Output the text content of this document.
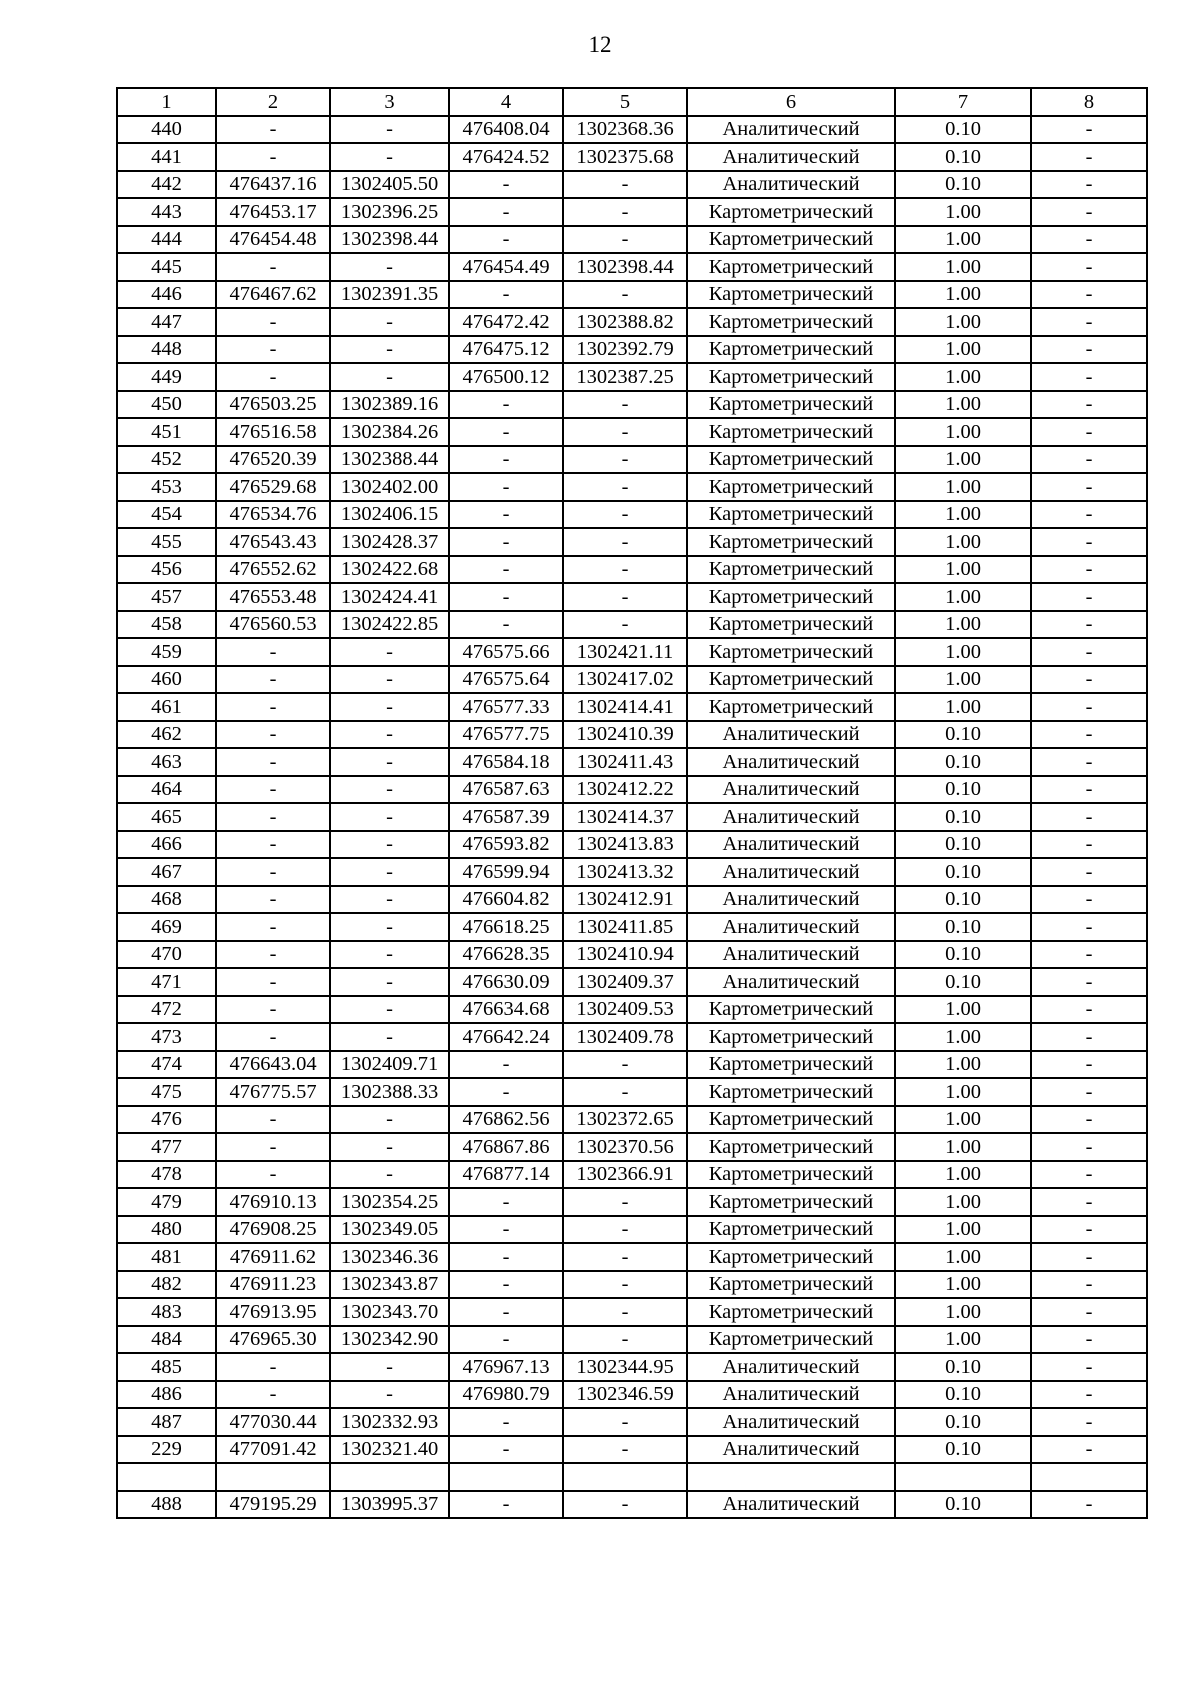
12
1	2	3	4	5	6	7	8
440	-	-	476408.04	1302368.36	Аналитический	0.10	-
441	-	-	476424.52	1302375.68	Аналитический	0.10	-
442	476437.16	1302405.50	-	-	Аналитический	0.10	-
443	476453.17	1302396.25	-	-	Картометрический	1.00	-
444	476454.48	1302398.44	-	-	Картометрический	1.00	-
445	-	-	476454.49	1302398.44	Картометрический	1.00	-
446	476467.62	1302391.35	-	-	Картометрический	1.00	-
447	-	-	476472.42	1302388.82	Картометрический	1.00	-
448	-	-	476475.12	1302392.79	Картометрический	1.00	-
449	-	-	476500.12	1302387.25	Картометрический	1.00	-
450	476503.25	1302389.16	-	-	Картометрический	1.00	-
451	476516.58	1302384.26	-	-	Картометрический	1.00	-
452	476520.39	1302388.44	-	-	Картометрический	1.00	-
453	476529.68	1302402.00	-	-	Картометрический	1.00	-
454	476534.76	1302406.15	-	-	Картометрический	1.00	-
455	476543.43	1302428.37	-	-	Картометрический	1.00	-
456	476552.62	1302422.68	-	-	Картометрический	1.00	-
457	476553.48	1302424.41	-	-	Картометрический	1.00	-
458	476560.53	1302422.85	-	-	Картометрический	1.00	-
459	-	-	476575.66	1302421.11	Картометрический	1.00	-
460	-	-	476575.64	1302417.02	Картометрический	1.00	-
461	-	-	476577.33	1302414.41	Картометрический	1.00	-
462	-	-	476577.75	1302410.39	Аналитический	0.10	-
463	-	-	476584.18	1302411.43	Аналитический	0.10	-
464	-	-	476587.63	1302412.22	Аналитический	0.10	-
465	-	-	476587.39	1302414.37	Аналитический	0.10	-
466	-	-	476593.82	1302413.83	Аналитический	0.10	-
467	-	-	476599.94	1302413.32	Аналитический	0.10	-
468	-	-	476604.82	1302412.91	Аналитический	0.10	-
469	-	-	476618.25	1302411.85	Аналитический	0.10	-
470	-	-	476628.35	1302410.94	Аналитический	0.10	-
471	-	-	476630.09	1302409.37	Аналитический	0.10	-
472	-	-	476634.68	1302409.53	Картометрический	1.00	-
473	-	-	476642.24	1302409.78	Картометрический	1.00	-
474	476643.04	1302409.71	-	-	Картометрический	1.00	-
475	476775.57	1302388.33	-	-	Картометрический	1.00	-
476	-	-	476862.56	1302372.65	Картометрический	1.00	-
477	-	-	476867.86	1302370.56	Картометрический	1.00	-
478	-	-	476877.14	1302366.91	Картометрический	1.00	-
479	476910.13	1302354.25	-	-	Картометрический	1.00	-
480	476908.25	1302349.05	-	-	Картометрический	1.00	-
481	476911.62	1302346.36	-	-	Картометрический	1.00	-
482	476911.23	1302343.87	-	-	Картометрический	1.00	-
483	476913.95	1302343.70	-	-	Картометрический	1.00	-
484	476965.30	1302342.90	-	-	Картометрический	1.00	-
485	-	-	476967.13	1302344.95	Аналитический	0.10	-
486	-	-	476980.79	1302346.59	Аналитический	0.10	-
487	477030.44	1302332.93	-	-	Аналитический	0.10	-
229	477091.42	1302321.40	-	-	Аналитический	0.10	-

488	479195.29	1303995.37	-	-	Аналитический	0.10	-
